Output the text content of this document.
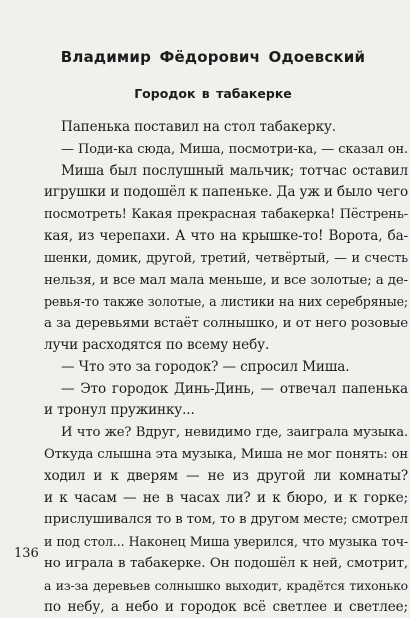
Владимир Фёдорович Одоевский
Городок в табакерке
Папенька поставил на стол табакерку.
— Поди-ка сюда, Миша, посмотри-ка, — сказал он.
Миша был послушный мальчик; тотчас оставил
игрушки и подошёл к папеньке. Да уж и было чего
посмотреть! Какая прекрасная табакерка! Пёстрень-
кая, из черепахи. А что на крышке-то! Ворота, ба-
шенки, домик, другой, третий, четвёртый, — и счесть
нельзя, и все мал мала меньше, и все золотые; а де-
ревья-то также золотые, а листики на них серебряные;
а за деревьями встаёт солнышко, и от него розовые
лучи расходятся по всему небу.
— Что это за городок? — спросил Миша.
— Это городок Динь-Динь, — отвечал папенька
и тронул пружинку...
И что же? Вдруг, невидимо где, заиграла музыка.
Откуда слышна эта музыка, Миша не мог понять: он
ходил и к дверям — не из другой ли комнаты?
и к часам — не в часах ли? и к бюро, и к горке;
прислушивался то в том, то в другом месте; смотрел
и под стол... Наконец Миша уверился, что музыка точ-
но играла в табакерке. Он подошёл к ней, смотрит,
а из-за деревьев солнышко выходит, крадётся тихонько
по небу, а небо и городок всё светлее и светлее;
136
